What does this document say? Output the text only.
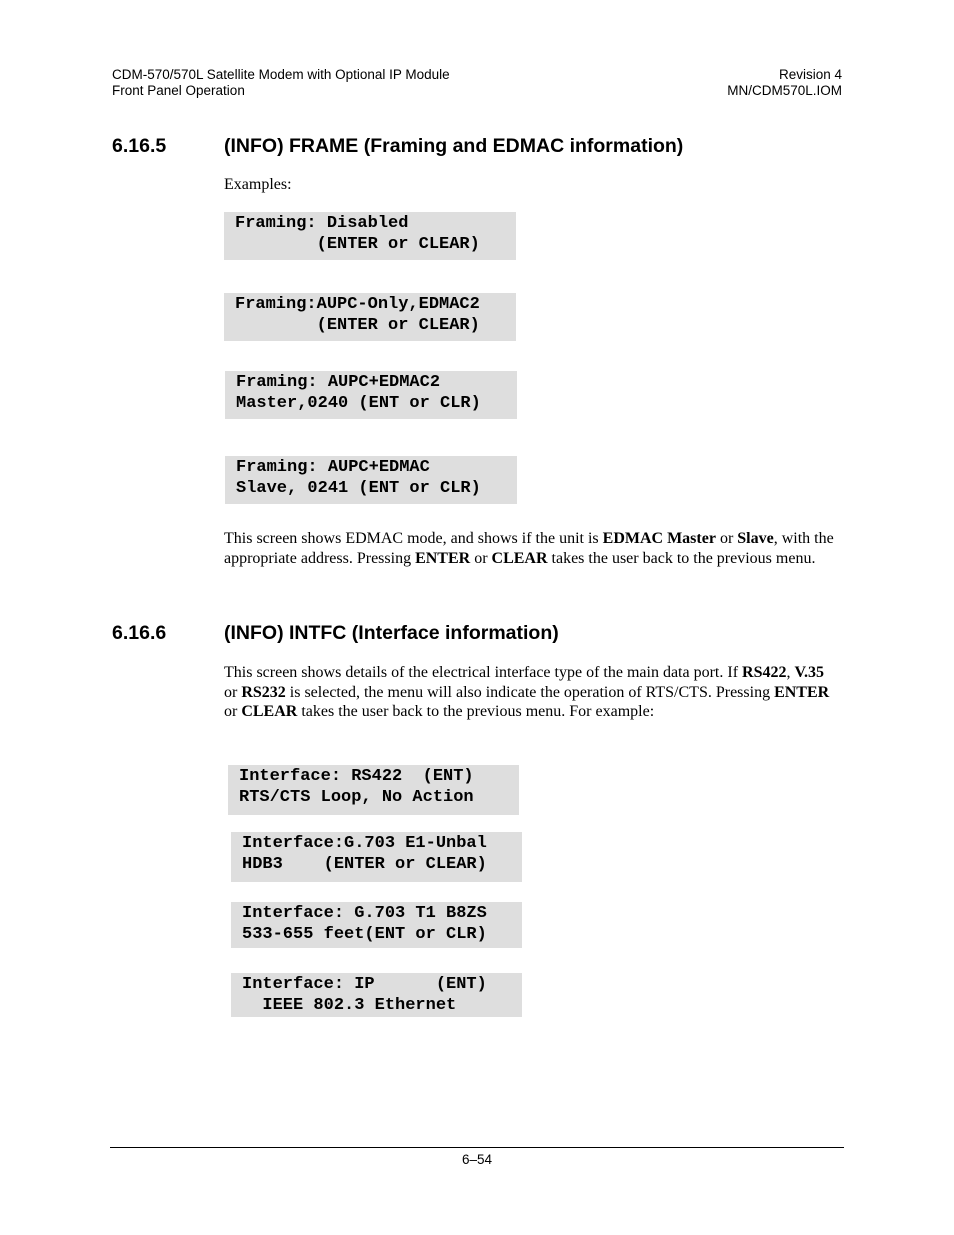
CDM-570/570L Satellite Modem with Optional IP Module
Front Panel Operation
Revision 4
MN/CDM570L.IOM
6.16.5	(INFO) FRAME (Framing and EDMAC information)
Examples:
Framing: Disabled
(ENTER or CLEAR)
Framing:AUPC-Only,EDMAC2
(ENTER or CLEAR)
Framing: AUPC+EDMAC2
Master,0240 (ENT or CLR)
Framing: AUPC+EDMAC
Slave, 0241 (ENT or CLR)
This screen shows EDMAC mode, and shows if the unit is EDMAC Master or Slave, with the appropriate address. Pressing ENTER or CLEAR takes the user back to the previous menu.
6.16.6	(INFO) INTFC (Interface information)
This screen shows details of the electrical interface type of the main data port. If RS422, V.35 or RS232 is selected, the menu will also indicate the operation of RTS/CTS. Pressing ENTER or CLEAR takes the user back to the previous menu. For example:
Interface: RS422  (ENT)
RTS/CTS Loop, No Action
Interface:G.703 E1-Unbal
HDB3    (ENTER or CLEAR)
Interface: G.703 T1 B8ZS
533-655 feet(ENT or CLR)
Interface: IP      (ENT)
IEEE 802.3 Ethernet
6–54
